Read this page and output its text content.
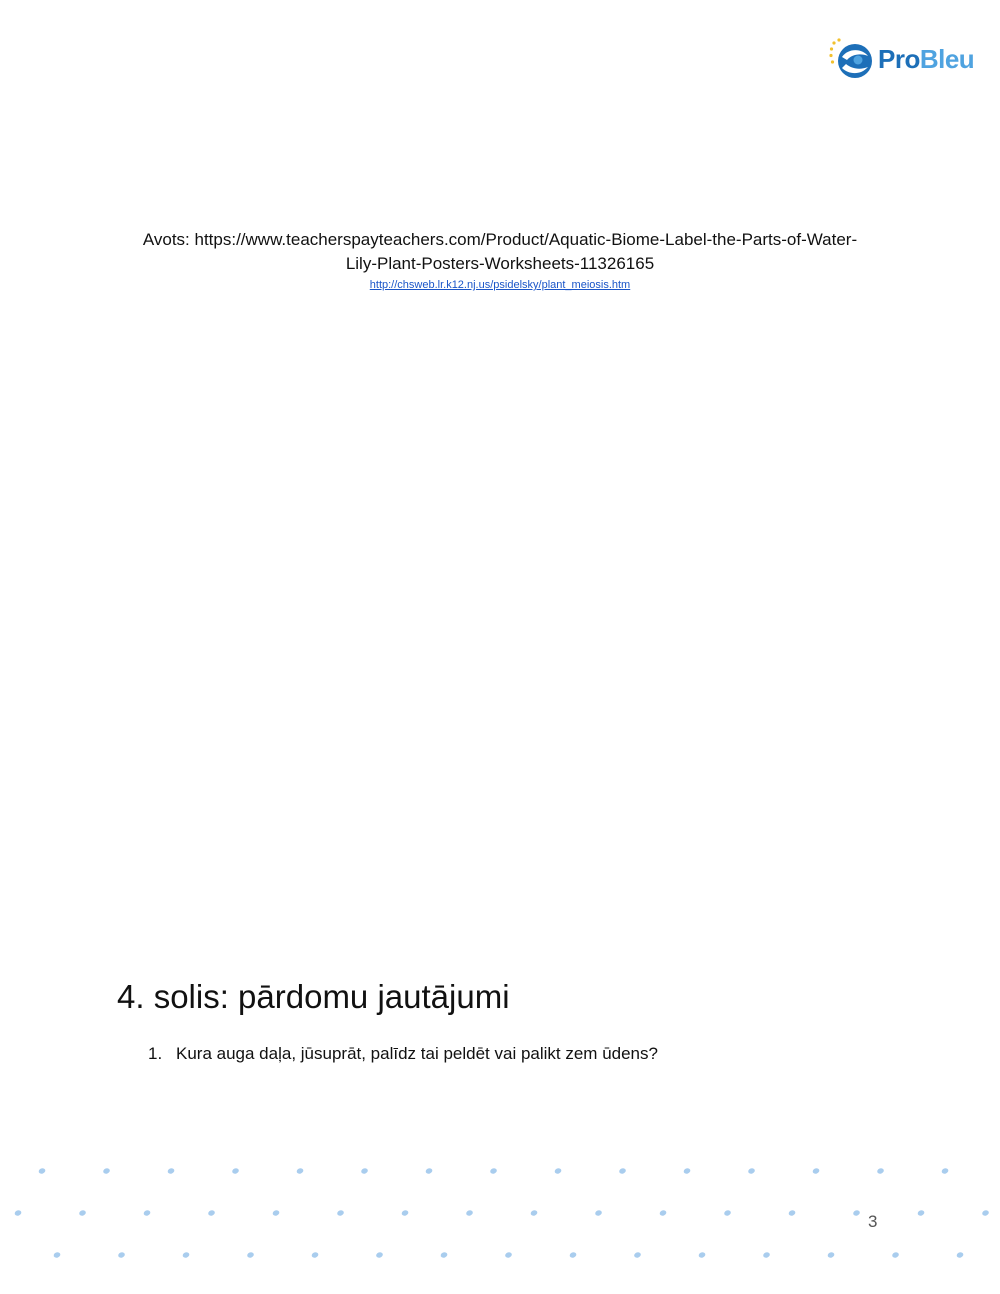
ProBleu
Avots: https://www.teacherspayteachers.com/Product/Aquatic-Biome-Label-the-Parts-of-Water-
Lily-Plant-Posters-Worksheets-11326165
http://chsweb.lr.k12.nj.us/psidelsky/plant_meiosis.htm
4. solis: pārdomu jautājumi
1. Kura auga daļa, jūsuprāt, palīdz tai peldēt vai palikt zem ūdens?
3
